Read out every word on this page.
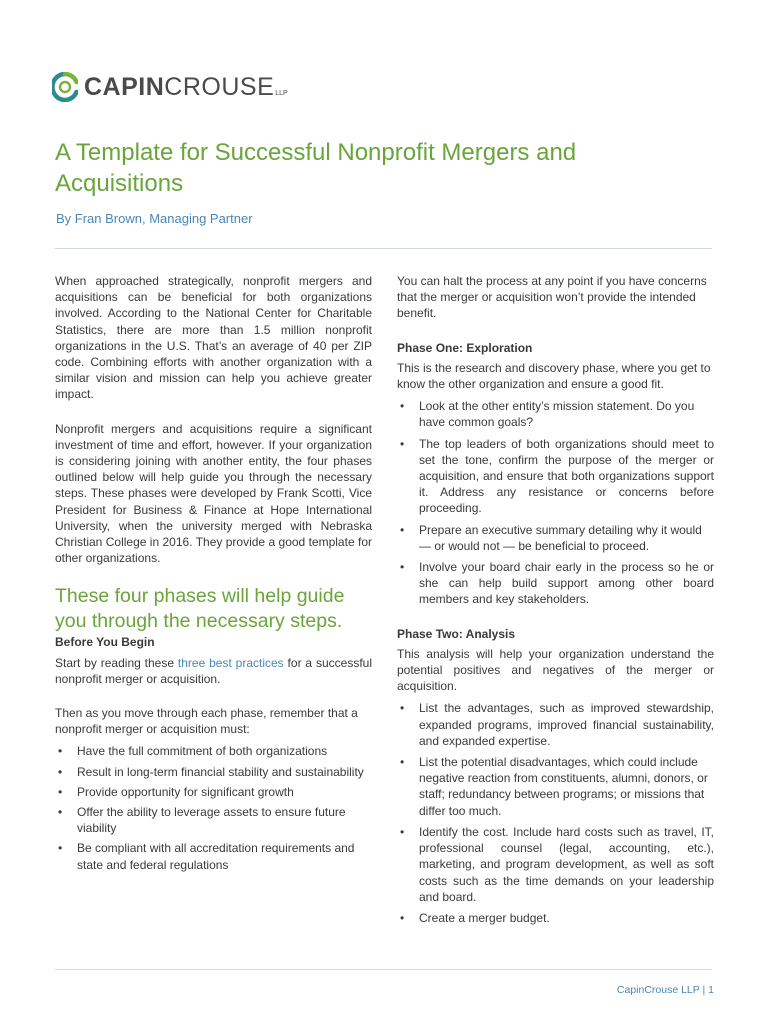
CAPINCROUSELLP
A Template for Successful Nonprofit Mergers and Acquisitions

By Fran Brown, Managing Partner

When approached strategically, nonprofit mergers and acquisitions can be beneficial for both organizations involved. According to the National Center for Charitable Statistics, there are more than 1.5 million nonprofit organizations in the U.S. That’s an average of 40 per ZIP code. Combining efforts with another organization with a similar vision and mission can help you achieve greater impact.

Nonprofit mergers and acquisitions require a significant investment of time and effort, however. If your organization is considering joining with another entity, the four phases outlined below will help guide you through the necessary steps. These phases were developed by Frank Scotti, Vice President for Business & Finance at Hope International University, when the university merged with Nebraska Christian College in 2016. They provide a good template for other organizations.

These four phases will help guide you through the necessary steps.

Before You Begin

Start by reading these three best practices for a successful nonprofit merger or acquisition.

Then as you move through each phase, remember that a nonprofit merger or acquisition must:

• Have the full commitment of both organizations
• Result in long-term financial stability and sustainability
• Provide opportunity for significant growth
• Offer the ability to leverage assets to ensure future viability
• Be compliant with all accreditation requirements and state and federal regulations

You can halt the process at any point if you have concerns that the merger or acquisition won’t provide the intended benefit.

Phase One: Exploration

This is the research and discovery phase, where you get to know the other organization and ensure a good fit.

• Look at the other entity’s mission statement. Do you have common goals?
• The top leaders of both organizations should meet to set the tone, confirm the purpose of the merger or acquisition, and ensure that both organizations support it. Address any resistance or concerns before proceeding.
• Prepare an executive summary detailing why it would — or would not — be beneficial to proceed.
• Involve your board chair early in the process so he or she can help build support among other board members and key stakeholders.

Phase Two: Analysis

This analysis will help your organization understand the potential positives and negatives of the merger or acquisition.

• List the advantages, such as improved stewardship, expanded programs, improved financial sustainability, and expanded expertise.
• List the potential disadvantages, which could include negative reaction from constituents, alumni, donors, or staff; redundancy between programs; or missions that differ too much.
• Identify the cost. Include hard costs such as travel, IT, professional counsel (legal, accounting, etc.), marketing, and program development, as well as soft costs such as the time demands on your leadership and board.
• Create a merger budget.
CapinCrouse LLP | 1
